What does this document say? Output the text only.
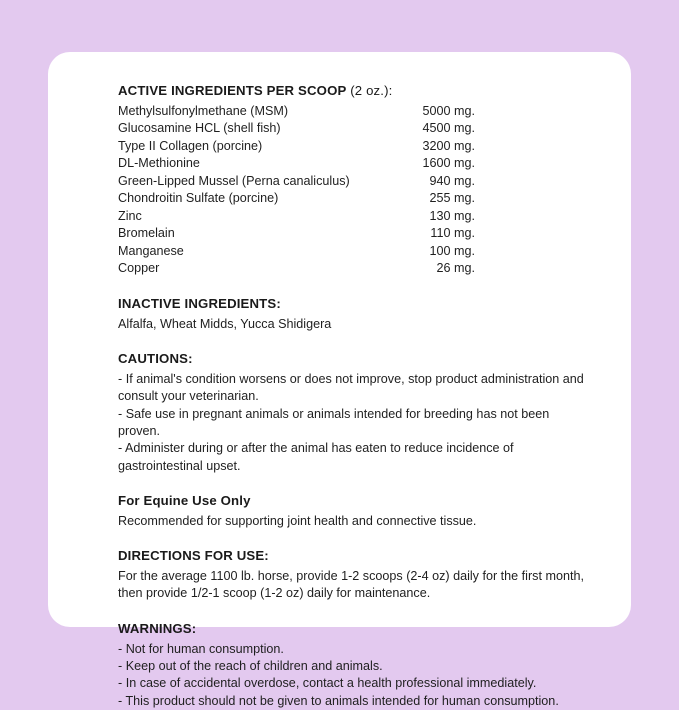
ACTIVE INGREDIENTS PER SCOOP (2 oz.):
Methylsulfonylmethane (MSM)	5000 mg.
Glucosamine HCL (shell fish)	4500 mg.
Type II Collagen (porcine)	3200 mg.
DL-Methionine	1600 mg.
Green-Lipped Mussel (Perna canaliculus)	940 mg.
Chondroitin Sulfate (porcine)	255 mg.
Zinc	130 mg.
Bromelain	110 mg.
Manganese	100 mg.
Copper	26 mg.
INACTIVE INGREDIENTS:

Alfalfa, Wheat Midds, Yucca Shidigera

CAUTIONS:

- If animal's condition worsens or does not improve, stop product administration and consult your veterinarian.

- Safe use in pregnant animals or animals intended for breeding has not been proven.

- Administer during or after the animal has eaten to reduce incidence of gastrointestinal upset.

For Equine Use Only

Recommended for supporting joint health and connective tissue.

DIRECTIONS FOR USE:

For the average 1100 lb. horse, provide 1-2 scoops (2-4 oz) daily for the first month, then provide 1/2-1 scoop (1-2 oz) daily for maintenance.

WARNINGS:

- Not for human consumption.

- Keep out of the reach of children and animals.

- In case of accidental overdose, contact a health professional immediately.

- This product should not be given to animals intended for human consumption.
